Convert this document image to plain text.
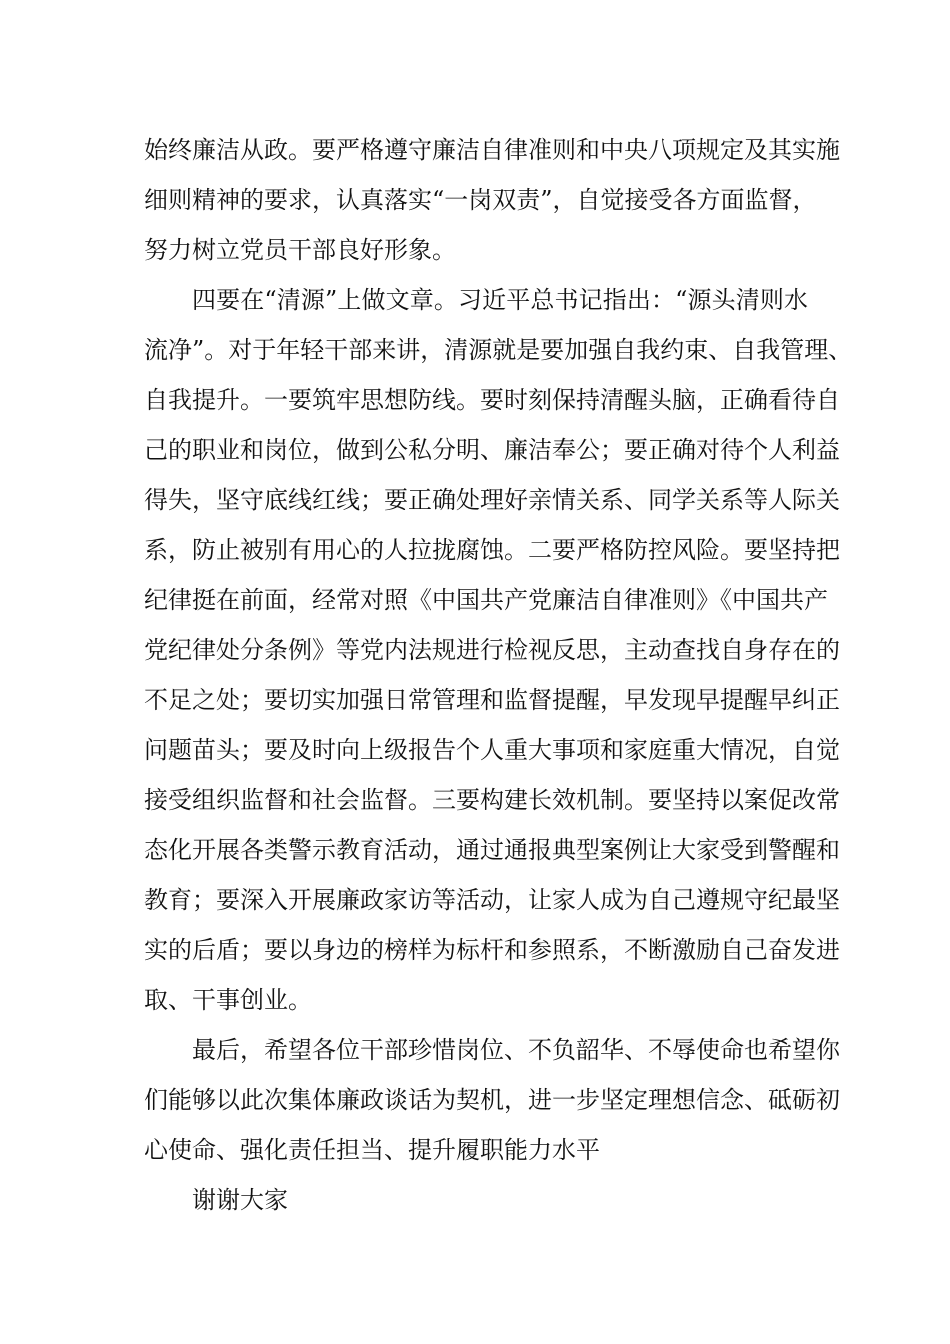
始终廉洁从政。要严格遵守廉洁自律准则和中央八项规定及其实施
细则精神的要求，认真落实“一岗双责”，自觉接受各方面监督，
努力树立党员干部良好形象。

四要在“清源”上做文章。习近平总书记指出：“源头清则水
流净”。对于年轻干部来讲，清源就是要加强自我约束、自我管理、
自我提升。一要筑牢思想防线。要时刻保持清醒头脑，正确看待自
己的职业和岗位，做到公私分明、廉洁奉公；要正确对待个人利益
得失，坚守底线红线；要正确处理好亲情关系、同学关系等人际关
系，防止被别有用心的人拉拢腐蚀。二要严格防控风险。要坚持把
纪律挺在前面，经常对照《中国共产党廉洁自律准则》《中国共产
党纪律处分条例》等党内法规进行检视反思，主动查找自身存在的
不足之处；要切实加强日常管理和监督提醒，早发现早提醒早纠正
问题苗头；要及时向上级报告个人重大事项和家庭重大情况，自觉
接受组织监督和社会监督。三要构建长效机制。要坚持以案促改常
态化开展各类警示教育活动，通过通报典型案例让大家受到警醒和
教育；要深入开展廉政家访等活动，让家人成为自己遵规守纪最坚
实的后盾；要以身边的榜样为标杆和参照系，不断激励自己奋发进
取、干事创业。

最后，希望各位干部珍惜岗位、不负韶华、不辱使命也希望你
们能够以此次集体廉政谈话为契机，进一步坚定理想信念、砥砺初
心使命、强化责任担当、提升履职能力水平

谢谢大家
